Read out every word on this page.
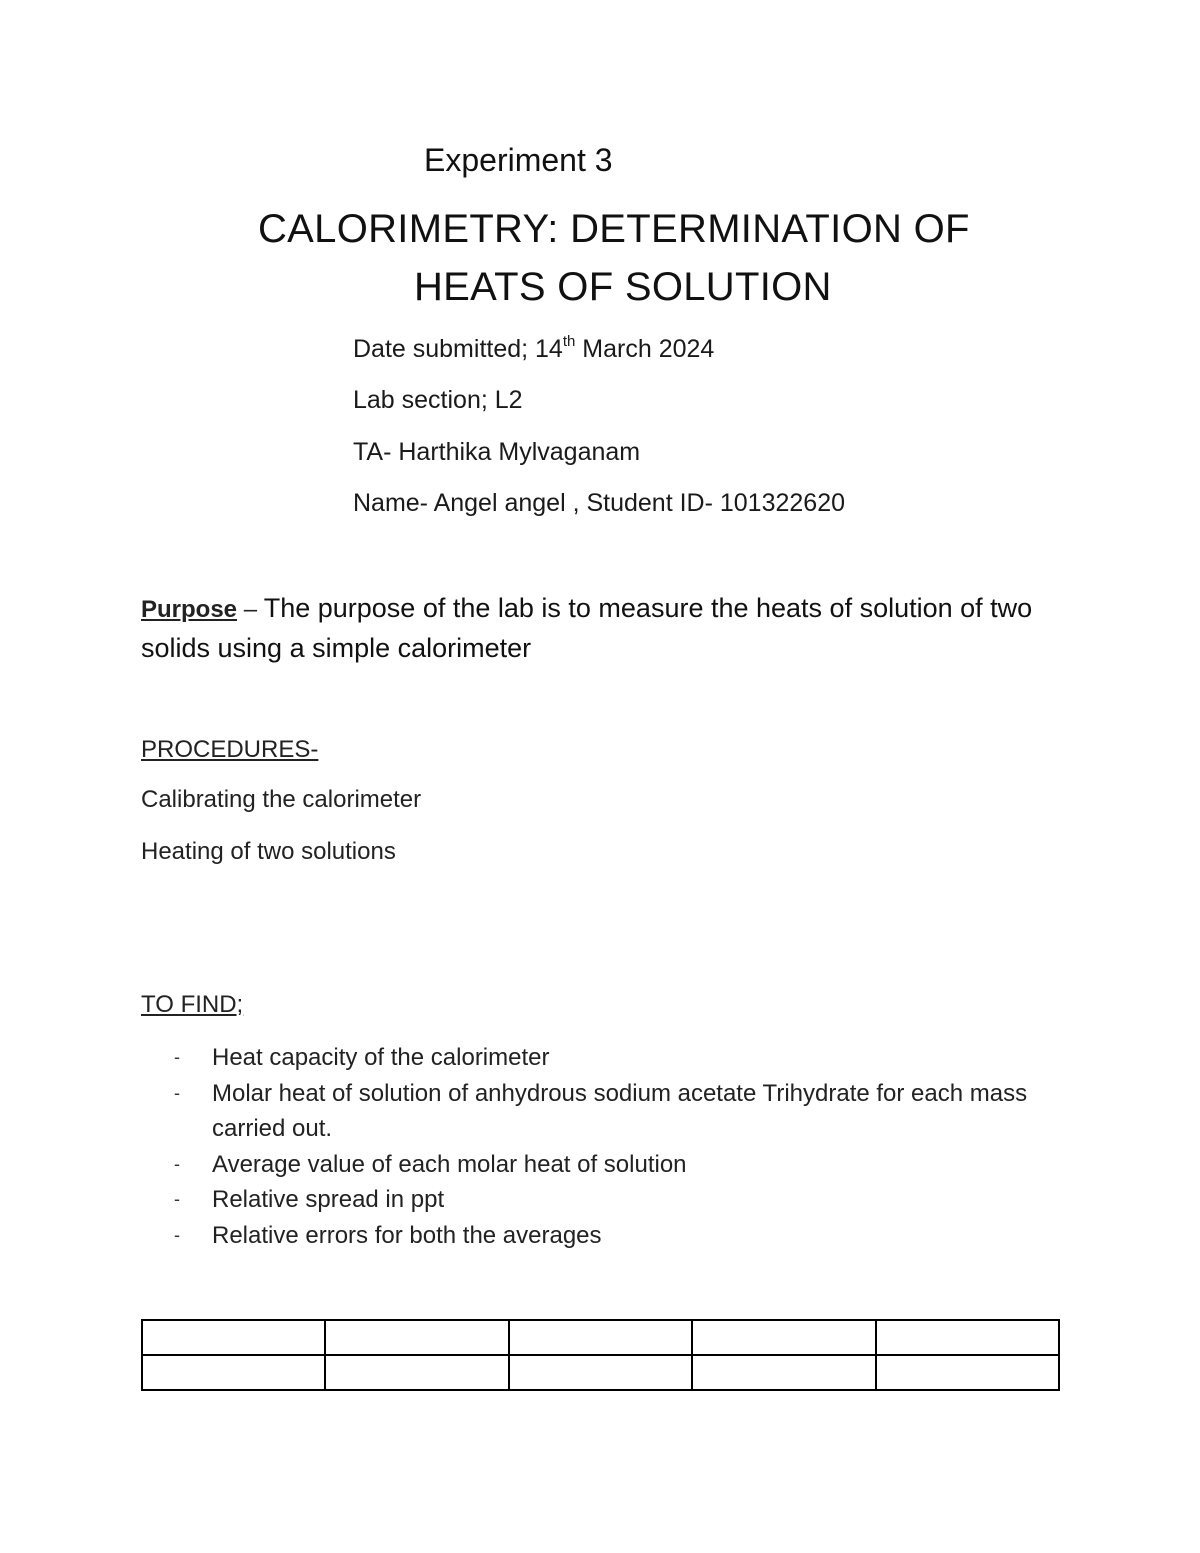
Experiment 3
CALORIMETRY: DETERMINATION OF
HEATS OF SOLUTION
Date submitted; 14th March 2024
Lab section; L2
TA- Harthika Mylvaganam
Name- Angel angel , Student ID- 101322620
Purpose – The purpose of the lab is to measure the heats of solution of two solids using a simple calorimeter
PROCEDURES-
Calibrating the calorimeter
Heating of two solutions
TO FIND;
- Heat capacity of the calorimeter
- Molar heat of solution of anhydrous sodium acetate Trihydrate for each mass carried out.
- Average value of each molar heat of solution
- Relative spread in ppt
- Relative errors for both the averages
